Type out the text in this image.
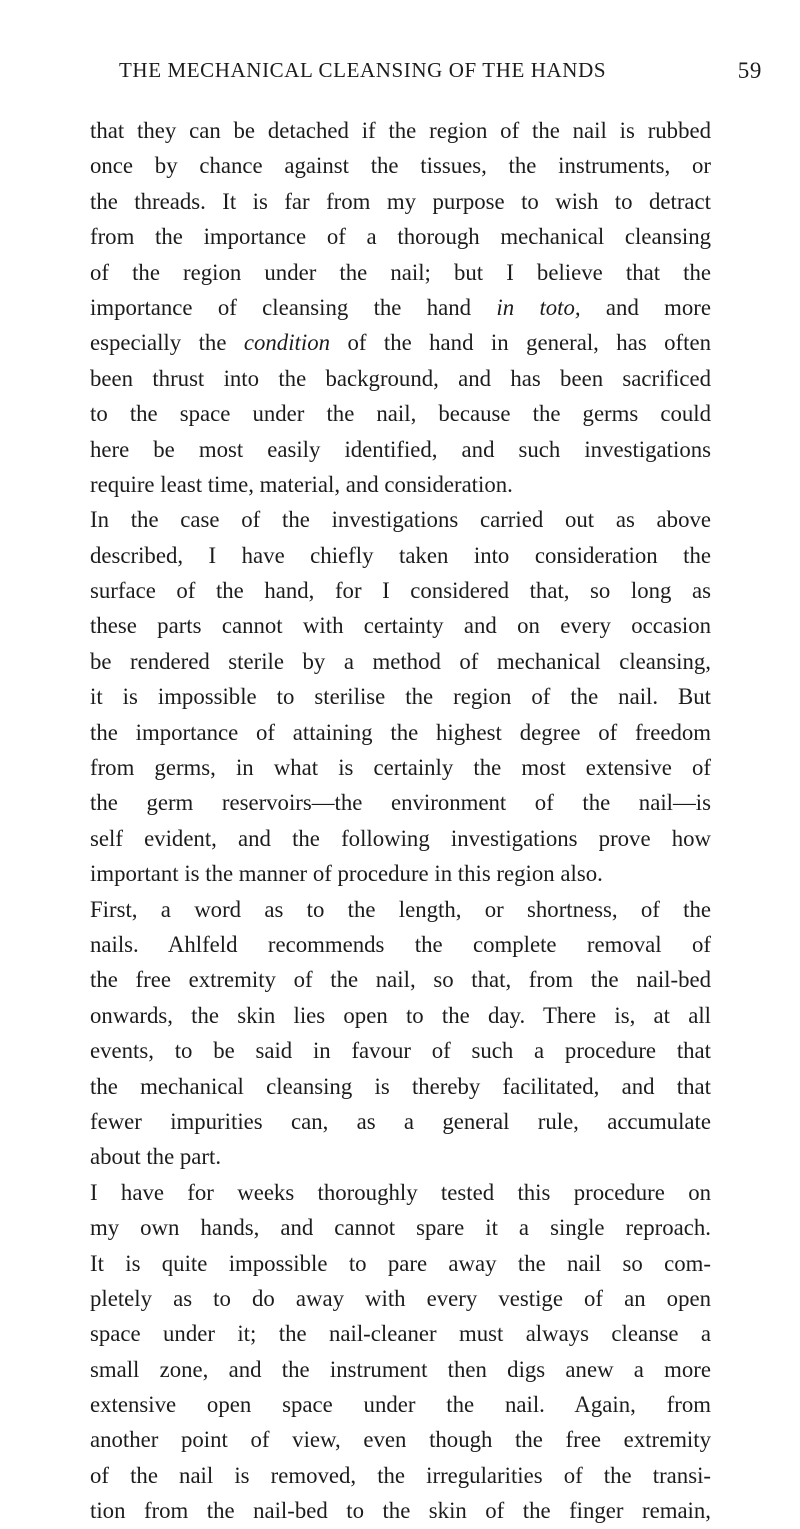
THE MECHANICAL CLEANSING OF THE HANDS	59
that they can be detached if the region of the nail is rubbed
once by chance against the tissues, the instruments, or
the threads. It is far from my purpose to wish to detract
from the importance of a thorough mechanical cleansing
of the region under the nail; but I believe that the
importance of cleansing the hand in toto, and more
especially the condition of the hand in general, has often
been thrust into the background, and has been sacrificed
to the space under the nail, because the germs could
here be most easily identified, and such investigations
require least time, material, and consideration.
In the case of the investigations carried out as above
described, I have chiefly taken into consideration the
surface of the hand, for I considered that, so long as
these parts cannot with certainty and on every occasion
be rendered sterile by a method of mechanical cleansing,
it is impossible to sterilise the region of the nail. But
the importance of attaining the highest degree of freedom
from germs, in what is certainly the most extensive of
the germ reservoirs—the environment of the nail—is
self evident, and the following investigations prove how
important is the manner of procedure in this region also.
First, a word as to the length, or shortness, of the
nails. Ahlfeld recommends the complete removal of
the free extremity of the nail, so that, from the nail-bed
onwards, the skin lies open to the day. There is, at all
events, to be said in favour of such a procedure that
the mechanical cleansing is thereby facilitated, and that
fewer impurities can, as a general rule, accumulate
about the part.
I have for weeks thoroughly tested this procedure on
my own hands, and cannot spare it a single reproach.
It is quite impossible to pare away the nail so com-
pletely as to do away with every vestige of an open
space under it; the nail-cleaner must always cleanse a
small zone, and the instrument then digs anew a more
extensive open space under the nail. Again, from
another point of view, even though the free extremity
of the nail is removed, the irregularities of the transi-
tion from the nail-bed to the skin of the finger remain,
